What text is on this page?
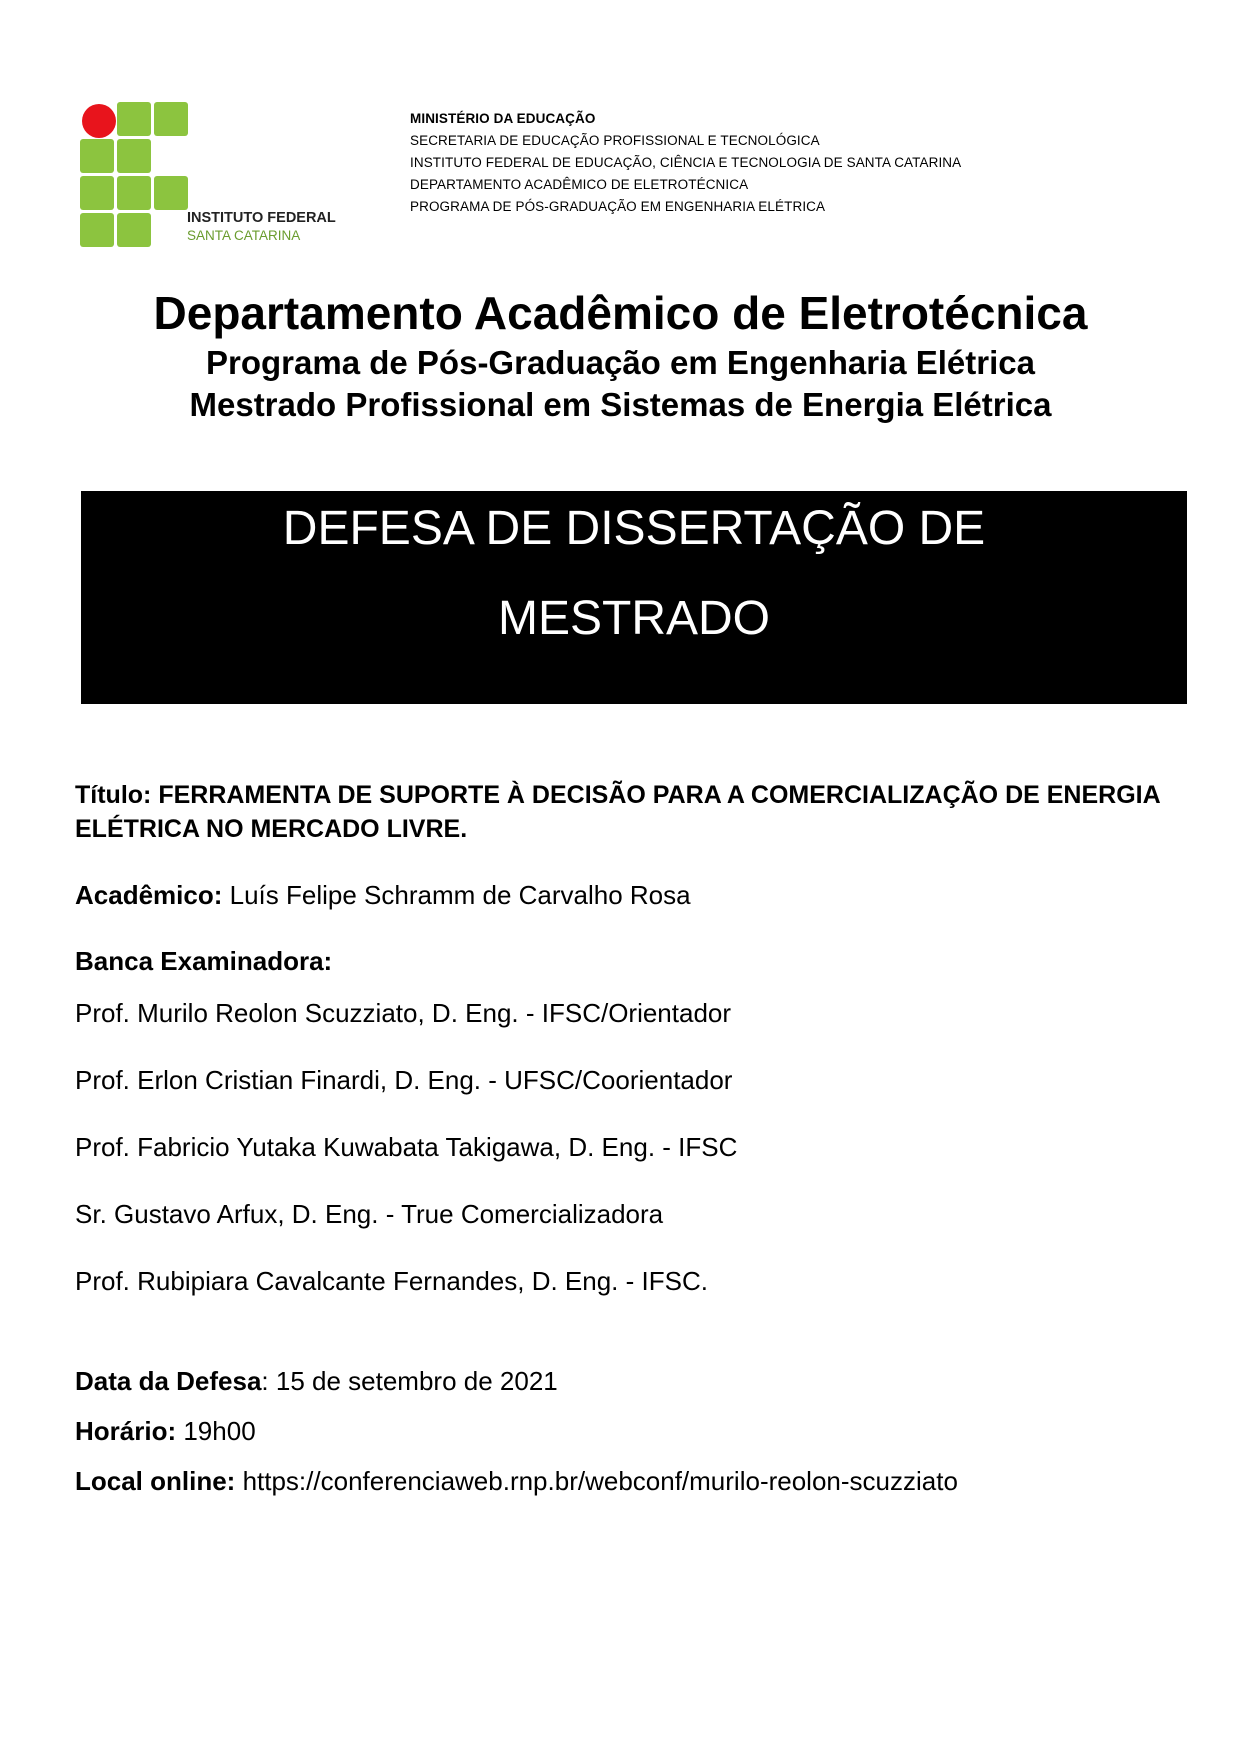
INSTITUTO FEDERAL
SANTA CATARINA
MINISTÉRIO DA EDUCAÇÃO
SECRETARIA DE EDUCAÇÃO PROFISSIONAL E TECNOLÓGICA
INSTITUTO FEDERAL DE EDUCAÇÃO, CIÊNCIA E TECNOLOGIA DE SANTA CATARINA
DEPARTAMENTO ACADÊMICO DE ELETROTÉCNICA
PROGRAMA DE PÓS-GRADUAÇÃO EM ENGENHARIA ELÉTRICA
Departamento Acadêmico de Eletrotécnica
Programa de Pós-Graduação em Engenharia Elétrica
Mestrado Profissional em Sistemas de Energia Elétrica
DEFESA DE DISSERTAÇÃO DE
MESTRADO
Título: FERRAMENTA DE SUPORTE À DECISÃO PARA A COMERCIALIZAÇÃO DE ENERGIA ELÉTRICA NO MERCADO LIVRE.
Acadêmico: Luís Felipe Schramm de Carvalho Rosa
Banca Examinadora:
Prof. Murilo Reolon Scuzziato, D. Eng. - IFSC/Orientador
Prof. Erlon Cristian Finardi, D. Eng. - UFSC/Coorientador
Prof. Fabricio Yutaka Kuwabata Takigawa, D. Eng. - IFSC
Sr. Gustavo Arfux, D. Eng. - True Comercializadora
Prof. Rubipiara Cavalcante Fernandes, D. Eng. - IFSC.
Data da Defesa: 15 de setembro de 2021
Horário: 19h00
Local online: https://conferenciaweb.rnp.br/webconf/murilo-reolon-scuzziato
